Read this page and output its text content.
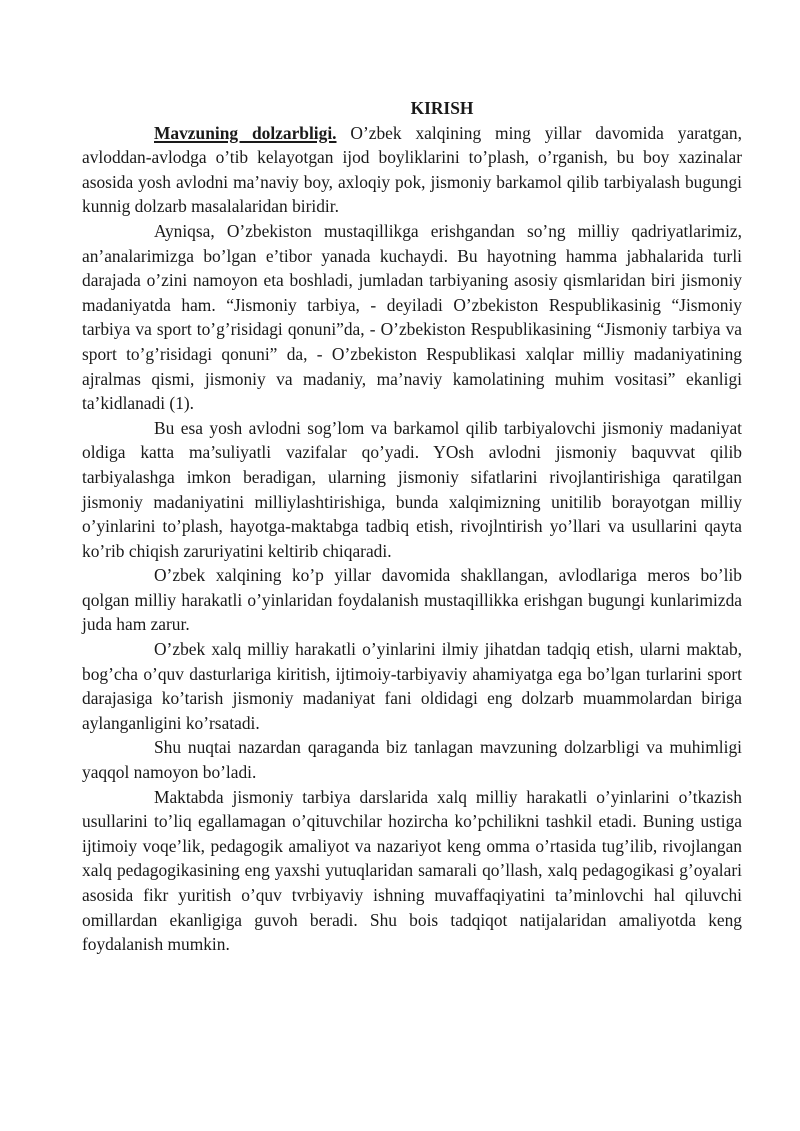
KIRISH

Mavzuning dolzarbligi. O’zbek xalqining ming yillar davomida yaratgan, avloddan-avlodga o’tib kelayotgan ijod boyliklarini to’plash, o’rganish, bu boy xazinalar asosida yosh avlodni ma’naviy boy, axloqiy pok, jismoniy barkamol qilib tarbiyalash bugungi kunnig dolzarb masalalaridan biridir.

Ayniqsa, O’zbekiston mustaqillikga erishgandan so’ng milliy qadriyatlarimiz, an’analarimizga bo’lgan e’tibor yanada kuchaydi. Bu hayotning hamma jabhalarida turli darajada o’zini namoyon eta boshladi, jumladan tarbiyaning asosiy qismlaridan biri jismoniy madaniyatda ham. “Jismoniy tarbiya, - deyiladi O’zbekiston Respublikasinig “Jismoniy tarbiya va sport to’g’risidagi qonuni”da, - O’zbekiston Respublikasining “Jismoniy tarbiya va sport to’g’risidagi qonuni” da, - O’zbekiston Respublikasi xalqlar milliy madaniyatining ajralmas qismi, jismoniy va madaniy, ma’naviy kamolatining muhim vositasi” ekanligi ta’kidlanadi (1).

Bu esa yosh avlodni sog’lom va barkamol qilib tarbiyalovchi jismoniy madaniyat oldiga katta ma’suliyatli vazifalar qo’yadi. YOsh avlodni jismoniy baquvvat qilib tarbiyalashga imkon beradigan, ularning jismoniy sifatlarini rivojlantirishiga qaratilgan jismoniy madaniyatini milliylashtirishiga, bunda xalqimizning unitilib borayotgan milliy o’yinlarini to’plash, hayotga-maktabga tadbiq etish, rivojlntirish yo’llari va usullarini qayta ko’rib chiqish zaruriyatini keltirib chiqaradi.

O’zbek xalqining ko’p yillar davomida shakllangan, avlodlariga meros bo’lib qolgan milliy harakatli o’yinlaridan foydalanish mustaqillikka erishgan bugungi kunlarimizda juda ham zarur.

O’zbek xalq milliy harakatli o’yinlarini ilmiy jihatdan tadqiq etish, ularni maktab, bog’cha o’quv dasturlariga kiritish, ijtimoiy-tarbiyaviy ahamiyatga ega bo’lgan turlarini sport darajasiga ko’tarish jismoniy madaniyat fani oldidagi eng dolzarb muammolardan biriga aylanganligini ko’rsatadi.

Shu nuqtai nazardan qaraganda biz tanlagan mavzuning dolzarbligi va muhimligi yaqqol namoyon bo’ladi.

Maktabda jismoniy tarbiya darslarida xalq milliy harakatli o’yinlarini o’tkazish usullarini to’liq egallamagan o’qituvchilar hozircha ko’pchilikni tashkil etadi. Buning ustiga ijtimoiy voqe’lik, pedagogik amaliyot va nazariyot keng omma o’rtasida tug’ilib, rivojlangan xalq pedagogikasining eng yaxshi yutuqlaridan samarali qo’llash, xalq pedagogikasi g’oyalari asosida fikr yuritish o’quv tvrbiyaviy ishning muvaffaqiyatini ta’minlovchi hal qiluvchi omillardan ekanligiga guvoh beradi. Shu bois tadqiqot natijalaridan amaliyotda keng foydalanish mumkin.
